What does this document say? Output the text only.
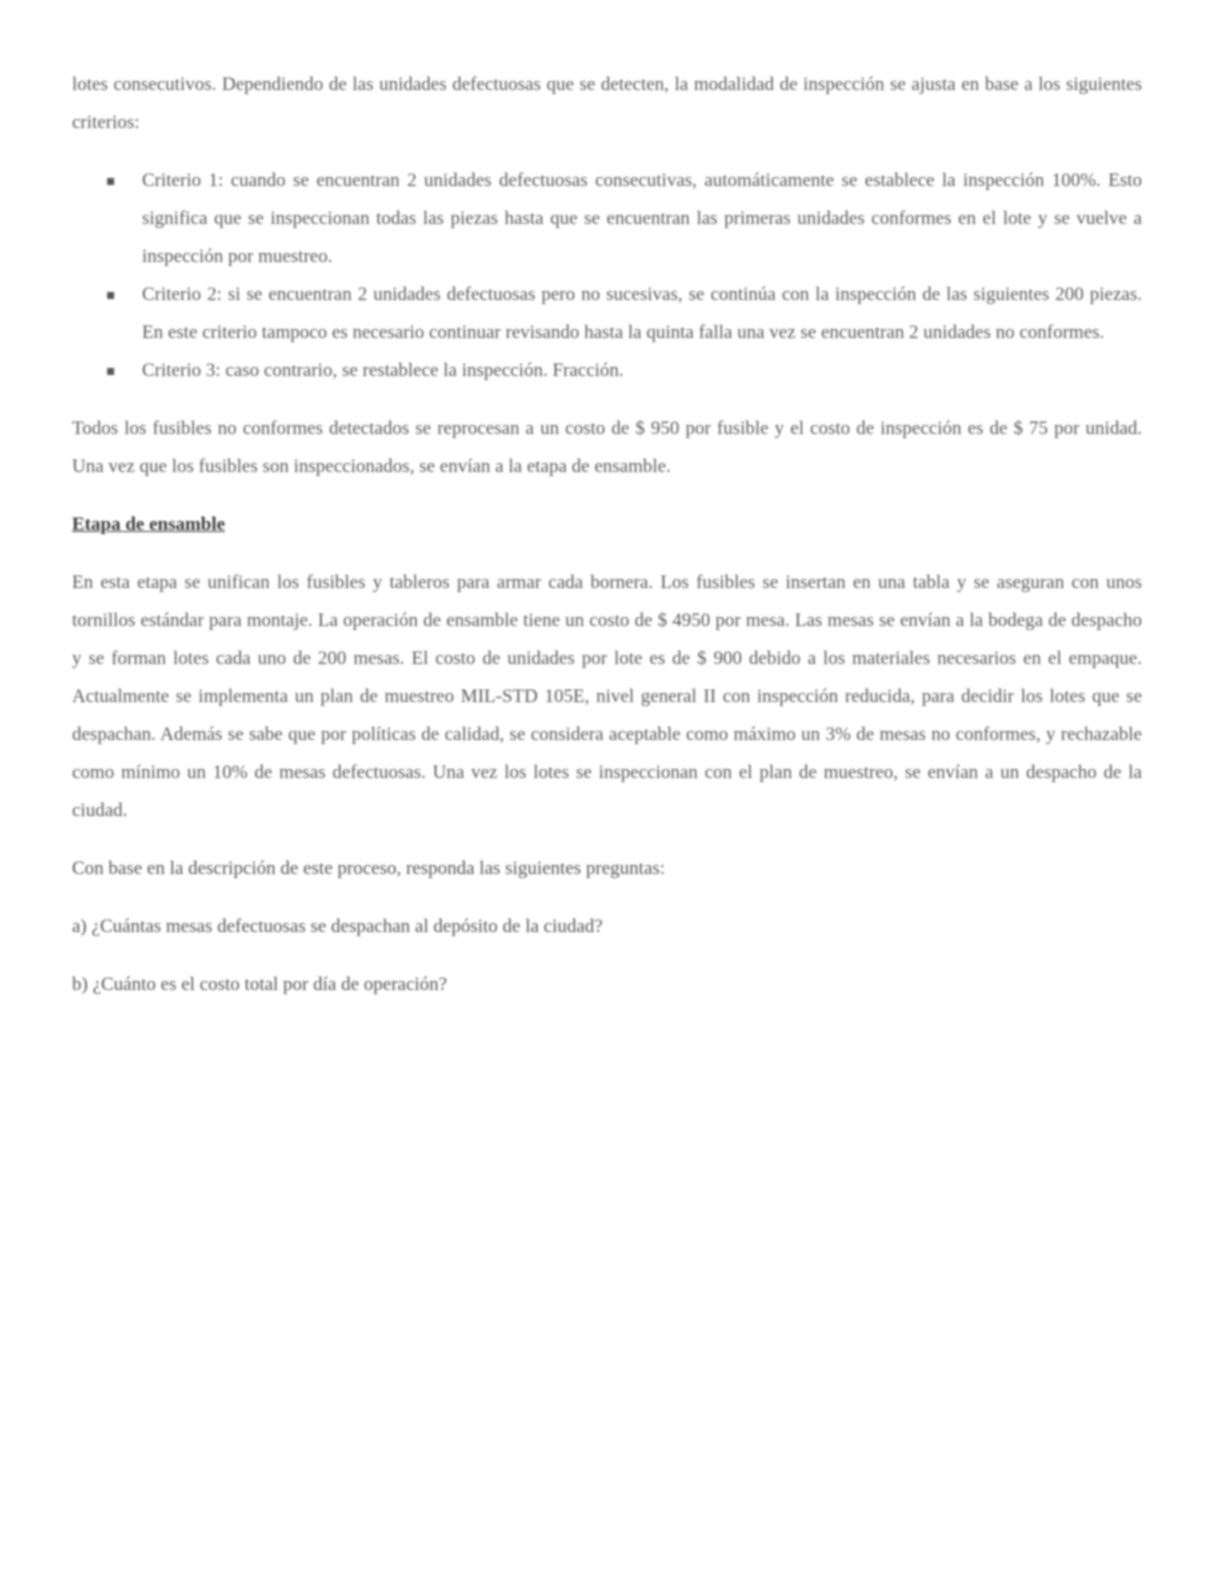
lotes consecutivos. Dependiendo de las unidades defectuosas que se detecten, la modalidad de inspección se ajusta en base a los siguientes criterios:

▪ Criterio 1: cuando se encuentran 2 unidades defectuosas consecutivas, automáticamente se establece la inspección 100%. Esto significa que se inspeccionan todas las piezas hasta que se encuentran las primeras unidades conformes en el lote y se vuelve a inspección por muestreo.
▪ Criterio 2: si se encuentran 2 unidades defectuosas pero no sucesivas, se continúa con la inspección de las siguientes 200 piezas. En este criterio tampoco es necesario continuar revisando hasta la quinta falla una vez se encuentran 2 unidades no conformes.
▪ Criterio 3: caso contrario, se restablece la inspección. Fracción.

Todos los fusibles no conformes detectados se reprocesan a un costo de $ 950 por fusible y el costo de inspección es de $ 75 por unidad. Una vez que los fusibles son inspeccionados, se envían a la etapa de ensamble.

Etapa de ensamble

En esta etapa se unifican los fusibles y tableros para armar cada bornera. Los fusibles se insertan en una tabla y se aseguran con unos tornillos estándar para montaje. La operación de ensamble tiene un costo de $ 4950 por mesa. Las mesas se envían a la bodega de despacho y se forman lotes cada uno de 200 mesas. El costo de unidades por lote es de $ 900 debido a los materiales necesarios en el empaque. Actualmente se implementa un plan de muestreo MIL-STD 105E, nivel general II con inspección reducida, para decidir los lotes que se despachan. Además se sabe que por políticas de calidad, se considera aceptable como máximo un 3% de mesas no conformes, y rechazable como mínimo un 10% de mesas defectuosas. Una vez los lotes se inspeccionan con el plan de muestreo, se envían a un despacho de la ciudad.

Con base en la descripción de este proceso, responda las siguientes preguntas:

a) ¿Cuántas mesas defectuosas se despachan al depósito de la ciudad?

b) ¿Cuánto es el costo total por día de operación?
